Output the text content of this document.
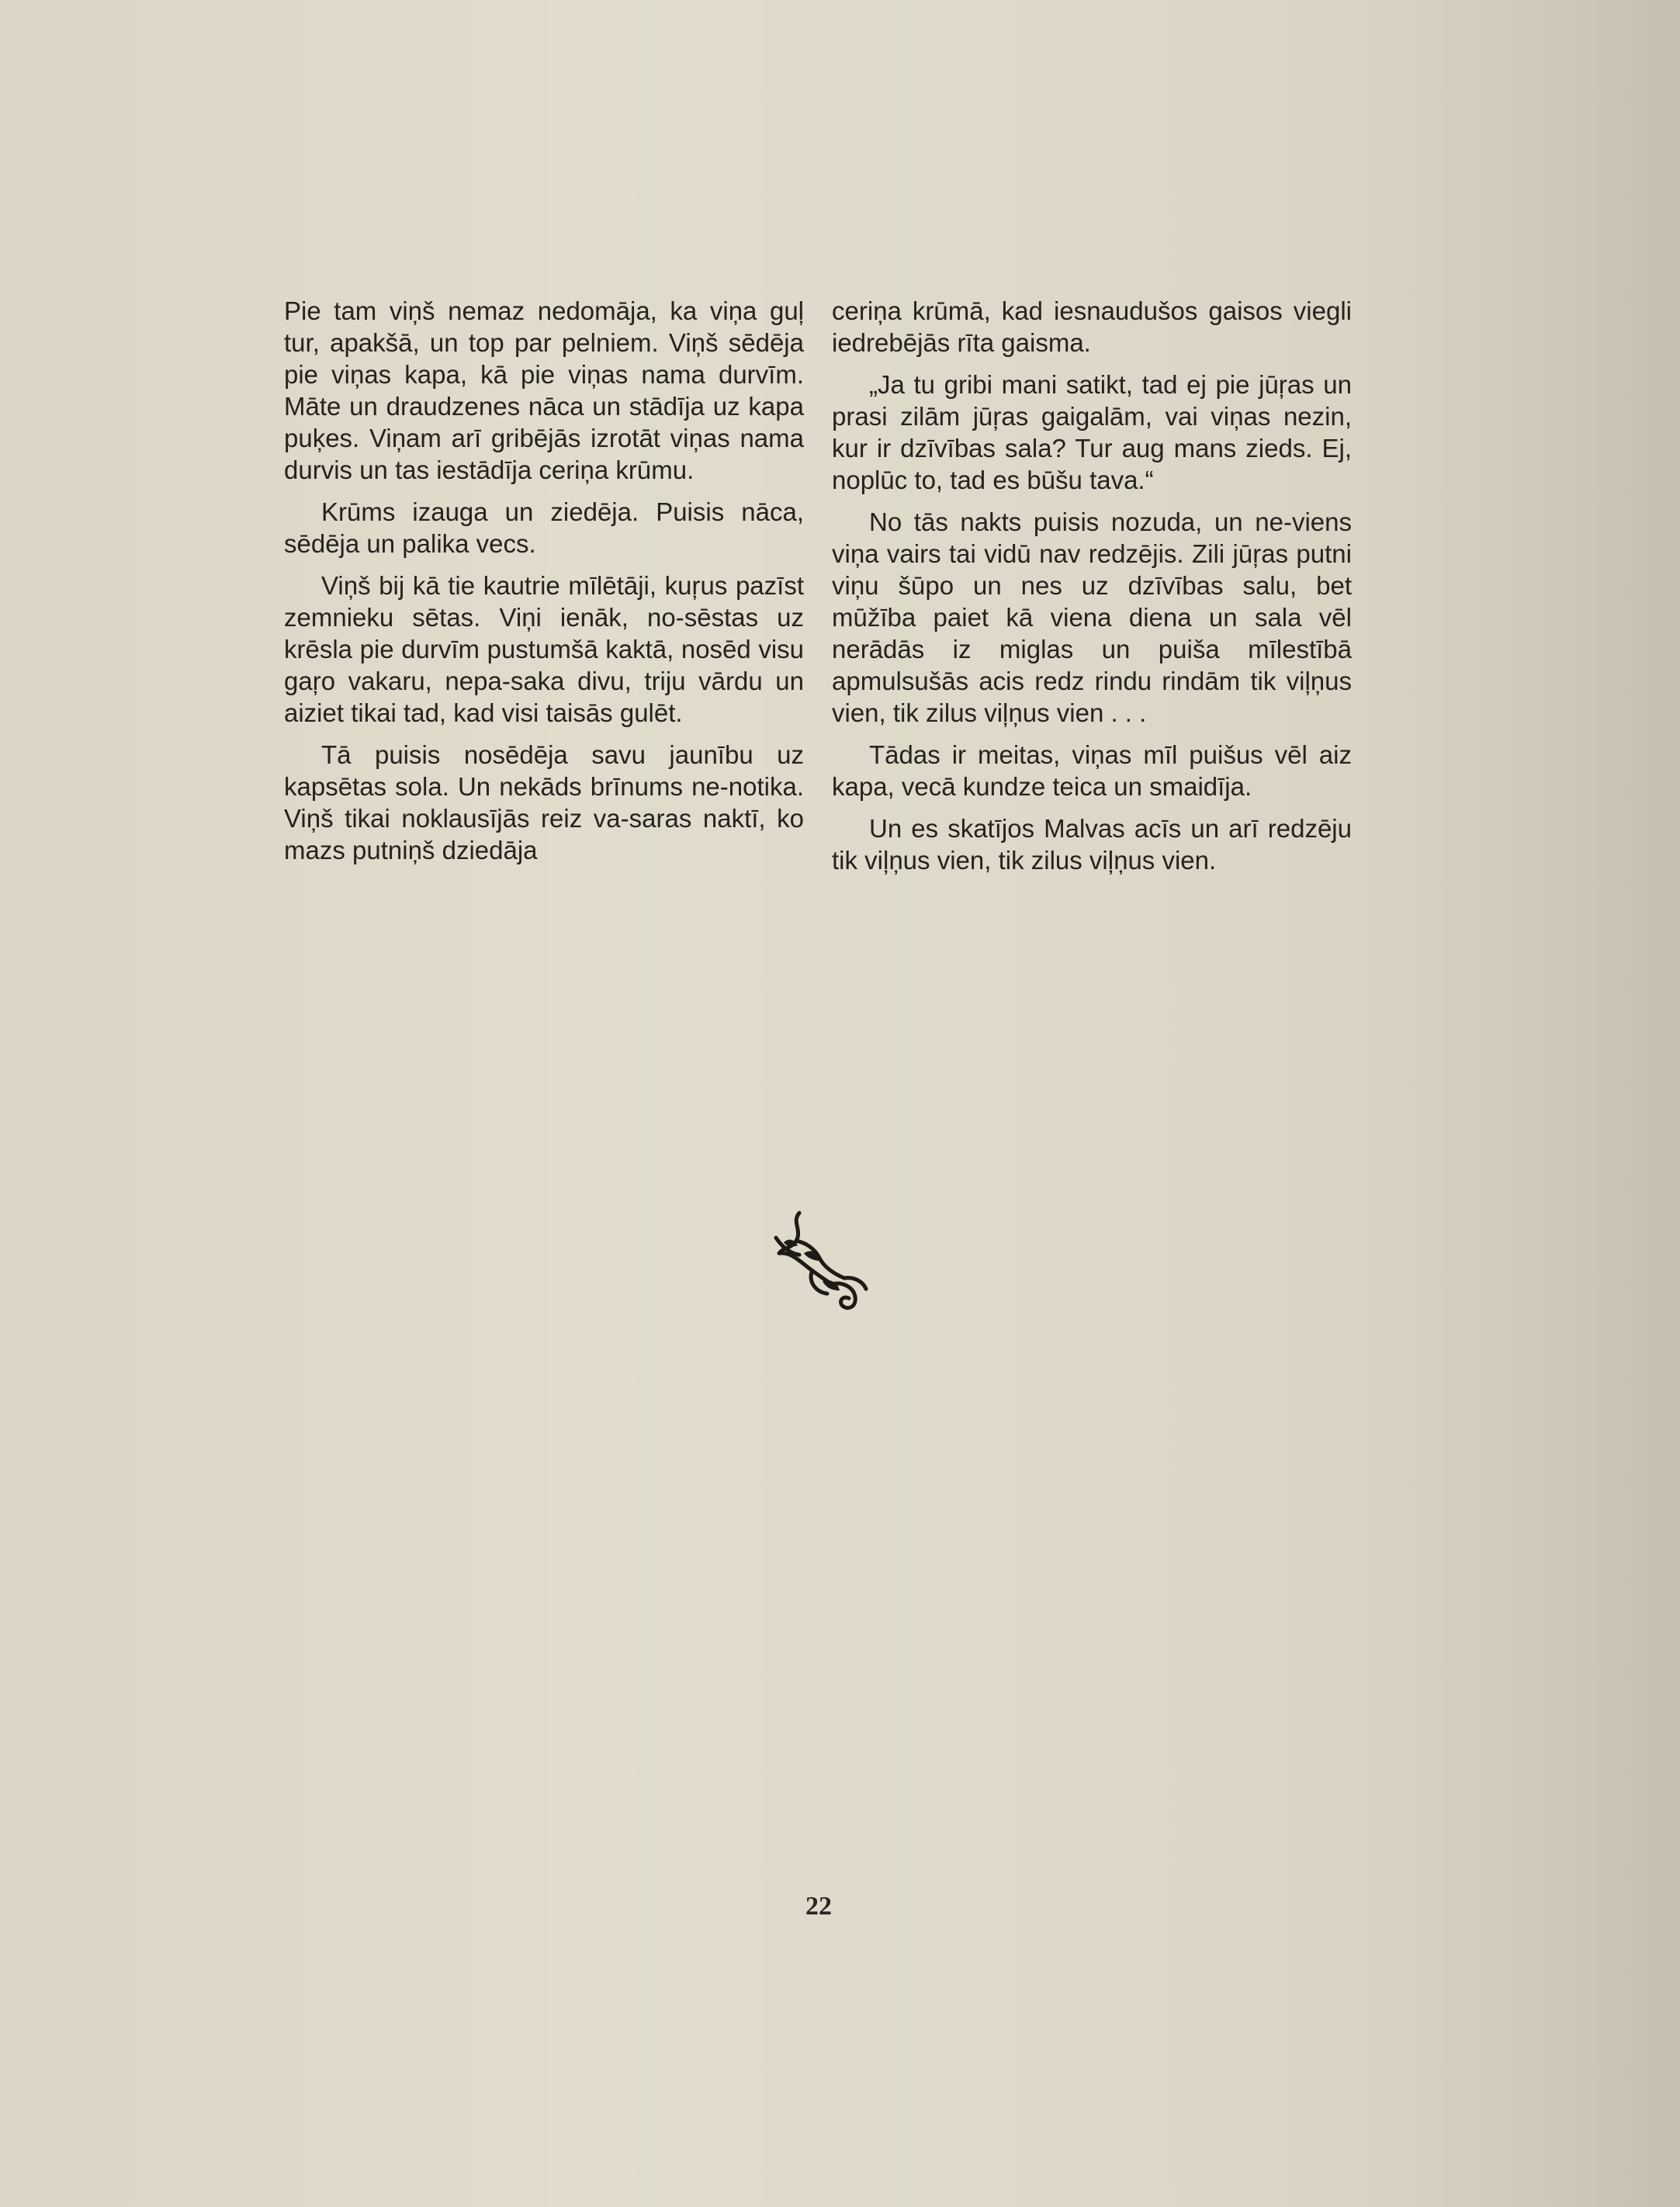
Pie tam viņš nemaz nedomāja, ka viņa guļ tur, apakšā, un top par pelniem. Viņš sēdēja pie viņas kapa, kā pie viņas nama durvīm. Māte un draudzenes nāca un stādīja uz kapa puķes. Viņam arī gribējās izrotāt viņas nama durvis un tas iestādīja ceriņa krūmu.

Krūms izauga un ziedēja. Puisis nāca, sēdēja un palika vecs.

Viņš bij kā tie kautrie mīlētāji, kuŗus pazīst zemnieku sētas. Viņi ienāk, no-sēstas uz krēsla pie durvīm pustumšā kaktā, nosēd visu gaŗo vakaru, nepa-saka divu, triju vārdu un aiziet tikai tad, kad visi taisās gulēt.

Tā puisis nosēdēja savu jaunību uz kapsētas sola. Un nekāds brīnums ne-notika. Viņš tikai noklausījās reiz va-saras naktī, ko mazs putniņš dziedāja

ceriņa krūmā, kad iesnaudušos gaisos viegli iedrebējās rīta gaisma.

„Ja tu gribi mani satikt, tad ej pie jūŗas un prasi zilām jūŗas gaigalām, vai viņas nezin, kur ir dzīvības sala? Tur aug mans zieds. Ej, noplūc to, tad es būšu tava.“

No tās nakts puisis nozuda, un ne-viens viņa vairs tai vidū nav redzējis. Zili jūŗas putni viņu šūpo un nes uz dzīvības salu, bet mūžība paiet kā viena diena un sala vēl nerādās iz miglas un puiša mīlestībā apmulsušās acis redz rindu rindām tik viļņus vien, tik zilus viļņus vien . . .

Tādas ir meitas, viņas mīl puišus vēl aiz kapa, vecā kundze teica un smaidīja.

Un es skatījos Malvas acīs un arī redzēju tik viļņus vien, tik zilus viļņus vien.

22
